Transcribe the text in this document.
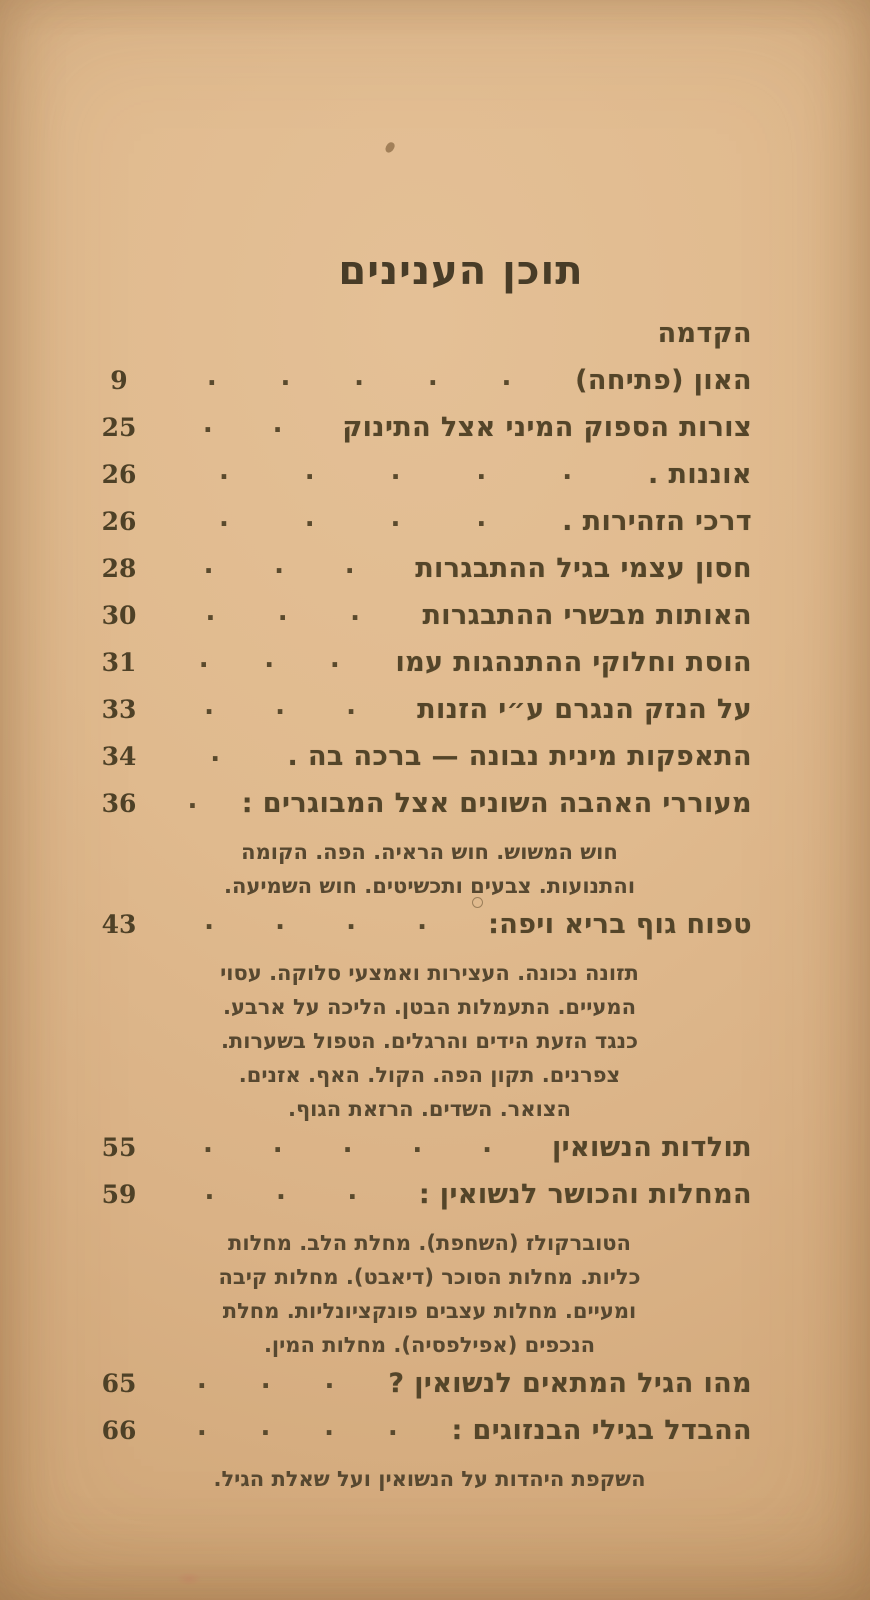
תוכן הענינים
הקדמה
האון (פתיחה)
.
.
.
.
.
9
צורות הספוק המיני אצל התינוק
.
.
25
אוננות .
.
.
.
.
.
26
דרכי הזהירות .
.
.
.
.
26
חסון עצמי בגיל ההתבגרות
.
.
.
28
האותות מבשרי ההתבגרות
.
.
.
30
הוסת וחלוקי ההתנהגות עמו
.
.
.
31
על הנזק הנגרם ע״י הזנות
.
.
.
33
התאפקות מינית נבונה — ברכה בה .
.
34
מעוררי האהבה השונים אצל המבוגרים :
.
36
חוש המשוש. חוש הראיה. הפה. הקומה
והתנועות. צבעים ותכשיטים. חוש השמיעה.
טפוח גוף בריא ויפה:
.
.
.
.
43
תזונה נכונה. העצירות ואמצעי סלוקה. עסוי
המעיים. התעמלות הבטן. הליכה על ארבע.
כנגד הזעת הידים והרגלים. הטפול בשערות.
צפרנים. תקון הפה. הקול. האף. אזנים.
הצואר. השדים. הרזאת הגוף.
תולדות הנשואין
.
.
.
.
.
55
המחלות והכושר לנשואין :
.
.
.
59
הטוברקולז (השחפת). מחלת הלב. מחלות
כליות. מחלות הסוכר (דיאבט). מחלות קיבה
ומעיים. מחלות עצבים פונקציונליות. מחלת
הנכפים (אפילפסיה). מחלות המין.
מהו הגיל המתאים לנשואין ?
.
.
.
65
ההבדל בגילי הבנזוגים :
.
.
.
.
66
השקפת היהדות על הנשואין ועל שאלת הגיל.
